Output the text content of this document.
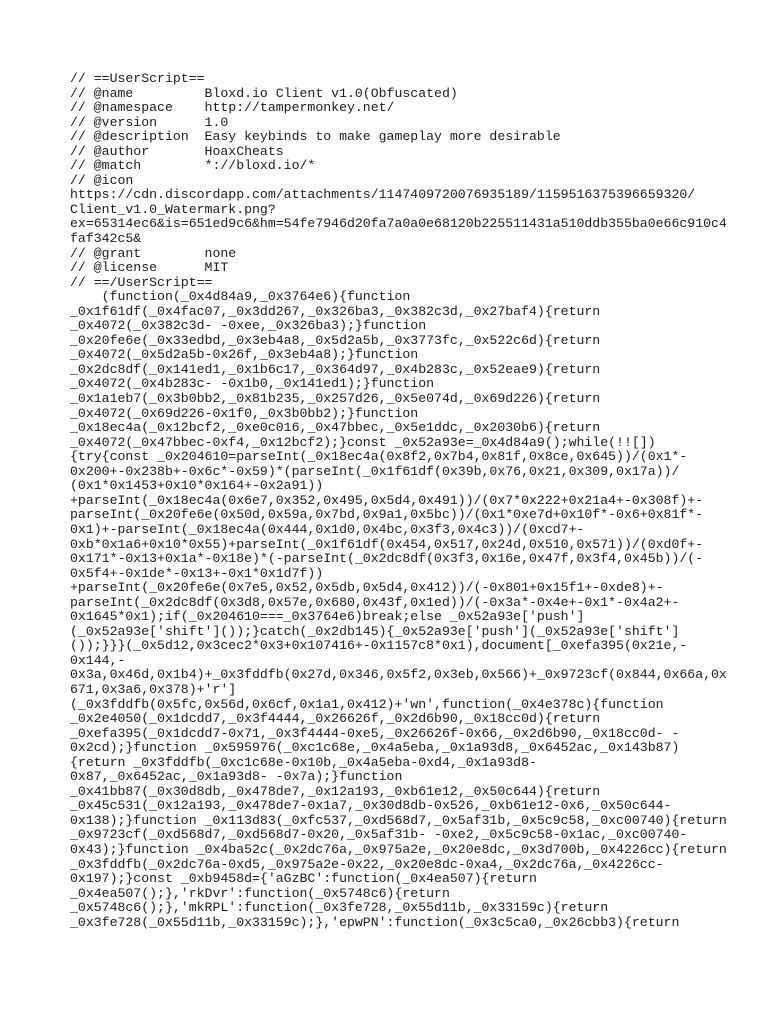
// ==UserScript==
// @name         Bloxd.io Client v1.0(Obfuscated)
// @namespace    http://tampermonkey.net/
// @version      1.0
// @description  Easy keybinds to make gameplay more desirable
// @author       HoaxCheats
// @match        *://bloxd.io/*
// @icon
https://cdn.discordapp.com/attachments/1147409720076935189/1159516375396659320/
Client_v1.0_Watermark.png?
ex=65314ec6&is=651ed9c6&hm=54fe7946d20fa7a0a0e68120b225511431a510ddb355ba0e66c910c4
faf342c5&
// @grant        none
// @license      MIT
// ==/UserScript==
(function(_0x4d84a9,_0x3764e6){function
_0x1f61df(_0x4fac07,_0x3dd267,_0x326ba3,_0x382c3d,_0x27baf4){return
_0x4072(_0x382c3d- -0xee,_0x326ba3);}function
_0x20fe6e(_0x33edbd,_0x3eb4a8,_0x5d2a5b,_0x3773fc,_0x522c6d){return
_0x4072(_0x5d2a5b-0x26f,_0x3eb4a8);}function
_0x2dc8df(_0x141ed1,_0x1b6c17,_0x364d97,_0x4b283c,_0x52eae9){return
_0x4072(_0x4b283c- -0x1b0,_0x141ed1);}function
_0x1a1eb7(_0x3b0bb2,_0x81b235,_0x257d26,_0x5e074d,_0x69d226){return
_0x4072(_0x69d226-0x1f0,_0x3b0bb2);}function
_0x18ec4a(_0x12bcf2,_0xe0c016,_0x47bbec,_0x5e1ddc,_0x2030b6){return
_0x4072(_0x47bbec-0xf4,_0x12bcf2);}const _0x52a93e=_0x4d84a9();while(!![])
{try{const _0x204610=parseInt(_0x18ec4a(0x8f2,0x7b4,0x81f,0x8ce,0x645))/(0x1*-
0x200+-0x238b+-0x6c*-0x59)*(parseInt(_0x1f61df(0x39b,0x76,0x21,0x309,0x17a))/
(0x1*0x1453+0x10*0x164+-0x2a91))
+parseInt(_0x18ec4a(0x6e7,0x352,0x495,0x5d4,0x491))/(0x7*0x222+0x21a4+-0x308f)+-
parseInt(_0x20fe6e(0x50d,0x59a,0x7bd,0x9a1,0x5bc))/(0x1*0xe7d+0x10f*-0x6+0x81f*-
0x1)+-parseInt(_0x18ec4a(0x444,0x1d0,0x4bc,0x3f3,0x4c3))/(0xcd7+-
0xb*0x1a6+0x10*0x55)+parseInt(_0x1f61df(0x454,0x517,0x24d,0x510,0x571))/(0xd0f+-
0x171*-0x13+0x1a*-0x18e)*(-parseInt(_0x2dc8df(0x3f3,0x16e,0x47f,0x3f4,0x45b))/(-
0x5f4+-0x1de*-0x13+-0x1*0x1d7f))
+parseInt(_0x20fe6e(0x7e5,0x52,0x5db,0x5d4,0x412))/(-0x801+0x15f1+-0xde8)+-
parseInt(_0x2dc8df(0x3d8,0x57e,0x680,0x43f,0x1ed))/(-0x3a*-0x4e+-0x1*-0x4a2+-
0x1645*0x1);if(_0x204610===_0x3764e6)break;else _0x52a93e['push']
(_0x52a93e['shift']());}catch(_0x2db145){_0x52a93e['push'](_0x52a93e['shift']
());}}}(_0x5d12,0x3cec2*0x3+0x107416+-0x1157c8*0x1),document[_0xefa395(0x21e,-
0x144,-
0x3a,0x46d,0x1b4)+_0x3fddfb(0x27d,0x346,0x5f2,0x3eb,0x566)+_0x9723cf(0x844,0x66a,0x
671,0x3a6,0x378)+'r']
(_0x3fddfb(0x5fc,0x56d,0x6cf,0x1a1,0x412)+'wn',function(_0x4e378c){function
_0x2e4050(_0x1dcdd7,_0x3f4444,_0x26626f,_0x2d6b90,_0x18cc0d){return
_0xefa395(_0x1dcdd7-0x71,_0x3f4444-0xe5,_0x26626f-0x66,_0x2d6b90,_0x18cc0d- -
0x2cd);}function _0x595976(_0xc1c68e,_0x4a5eba,_0x1a93d8,_0x6452ac,_0x143b87)
{return _0x3fddfb(_0xc1c68e-0x10b,_0x4a5eba-0xd4,_0x1a93d8-
0x87,_0x6452ac,_0x1a93d8- -0x7a);}function
_0x41bb87(_0x30d8db,_0x478de7,_0x12a193,_0xb61e12,_0x50c644){return
_0x45c531(_0x12a193,_0x478de7-0x1a7,_0x30d8db-0x526,_0xb61e12-0x6,_0x50c644-
0x138);}function _0x113d83(_0xfc537,_0xd568d7,_0x5af31b,_0x5c9c58,_0xc00740){return
_0x9723cf(_0xd568d7,_0xd568d7-0x20,_0x5af31b- -0xe2,_0x5c9c58-0x1ac,_0xc00740-
0x43);}function _0x4ba52c(_0x2dc76a,_0x975a2e,_0x20e8dc,_0x3d700b,_0x4226cc){return
_0x3fddfb(_0x2dc76a-0xd5,_0x975a2e-0x22,_0x20e8dc-0xa4,_0x2dc76a,_0x4226cc-
0x197);}const _0xb9458d={'aGzBC':function(_0x4ea507){return
_0x4ea507();},'rkDvr':function(_0x5748c6){return
_0x5748c6();},'mkRPL':function(_0x3fe728,_0x55d11b,_0x33159c){return
_0x3fe728(_0x55d11b,_0x33159c);},'epwPN':function(_0x3c5ca0,_0x26cbb3){return
